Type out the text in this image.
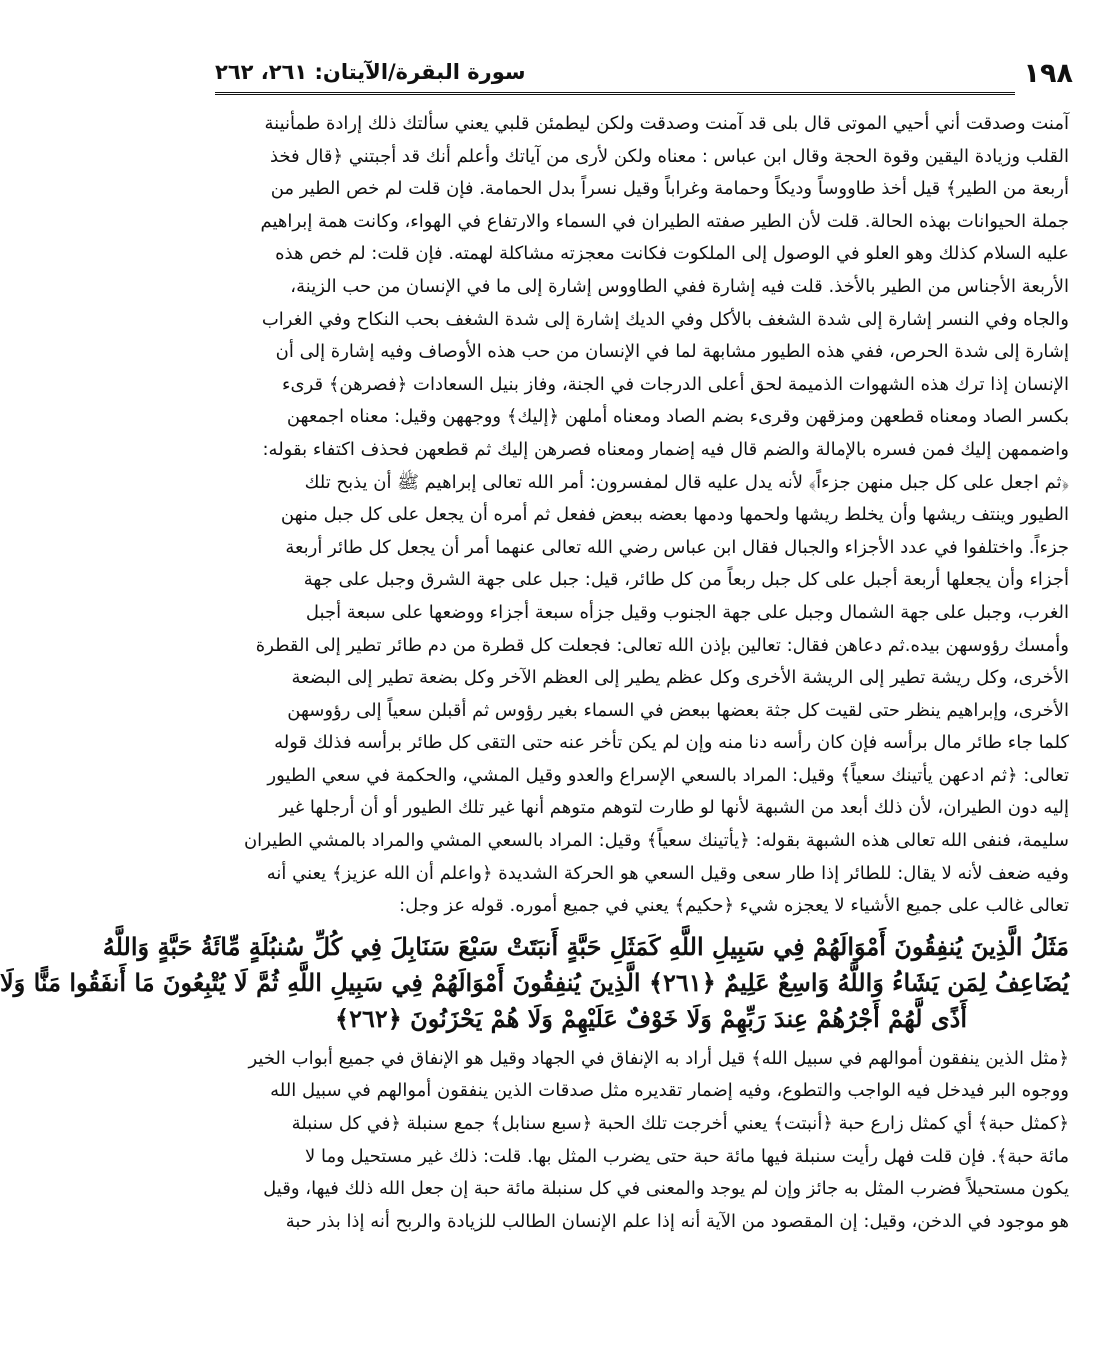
سورة البقرة/الآيتان: ٢٦١، ٢٦٢	١٩٨
آمنت وصدقت أني أحيي الموتى قال بلى قد آمنت وصدقت ولكن ليطمئن قلبي يعني سألتك ذلك إرادة طمأنينة
القلب وزيادة اليقين وقوة الحجة وقال ابن عباس : معناه ولكن لأرى من آياتك وأعلم أنك قد أجبتني ﴿قال فخذ
أربعة من الطير﴾ قيل أخذ طاووساً وديكاً وحمامة وغراباً وقيل نسراً بدل الحمامة. فإن قلت لم خص الطير من
جملة الحيوانات بهذه الحالة. قلت لأن الطير صفته الطيران في السماء والارتفاع في الهواء، وكانت همة إبراهيم
عليه السلام كذلك وهو العلو في الوصول إلى الملكوت فكانت معجزته مشاكلة لهمته. فإن قلت: لم خص هذه
الأربعة الأجناس من الطير بالأخذ. قلت فيه إشارة ففي الطاووس إشارة إلى ما في الإنسان من حب الزينة،
والجاه وفي النسر إشارة إلى شدة الشغف بالأكل وفي الديك إشارة إلى شدة الشغف بحب النكاح وفي الغراب
إشارة إلى شدة الحرص، ففي هذه الطيور مشابهة لما في الإنسان من حب هذه الأوصاف وفيه إشارة إلى أن
الإنسان إذا ترك هذه الشهوات الذميمة لحق أعلى الدرجات في الجنة، وفاز بنيل السعادات ﴿فصرهن﴾ قرىء
بكسر الصاد ومعناه قطعهن ومزقهن وقرىء بضم الصاد ومعناه أملهن ﴿إليك﴾ ووجههن وقيل: معناه اجمعهن
واضممهن إليك فمن فسره بالإمالة والضم قال فيه إضمار ومعناه فصرهن إليك ثم قطعهن فحذف اكتفاء بقوله:
﴿ثم اجعل على كل جبل منهن جزءاً﴾ لأنه يدل عليه قال لمفسرون: أمر الله تعالى إبراهيم ﷺ أن يذبح تلك
الطيور وينتف ريشها وأن يخلط ريشها ولحمها ودمها بعضه ببعض ففعل ثم أمره أن يجعل على كل جبل منهن
جزءاً. واختلفوا في عدد الأجزاء والجبال فقال ابن عباس رضي الله تعالى عنهما أمر أن يجعل كل طائر أربعة
أجزاء وأن يجعلها أربعة أجبل على كل جبل ربعاً من كل طائر، قيل: جبل على جهة الشرق وجبل على جهة
الغرب، وجبل على جهة الشمال وجبل على جهة الجنوب وقيل جزأه سبعة أجزاء ووضعها على سبعة أجبل
وأمسك رؤوسهن بيده.ثم دعاهن فقال: تعالين بإذن الله تعالى: فجعلت كل قطرة من دم طائر تطير إلى القطرة
الأخرى، وكل ريشة تطير إلى الريشة الأخرى وكل عظم يطير إلى العظم الآخر وكل بضعة تطير إلى البضعة
الأخرى، وإبراهيم ينظر حتى لقيت كل جثة بعضها ببعض في السماء بغير رؤوس ثم أقبلن سعياً إلى رؤوسهن
كلما جاء طائر مال برأسه فإن كان رأسه دنا منه وإن لم يكن تأخر عنه حتى التقى كل طائر برأسه فذلك قوله
تعالى: ﴿ثم ادعهن يأتينك سعياً﴾ وقيل: المراد بالسعي الإسراع والعدو وقيل المشي، والحكمة في سعي الطيور
إليه دون الطيران، لأن ذلك أبعد من الشبهة لأنها لو طارت لتوهم متوهم أنها غير تلك الطيور أو أن أرجلها غير
سليمة، فنفى الله تعالى هذه الشبهة بقوله: ﴿يأتينك سعياً﴾ وقيل: المراد بالسعي المشي والمراد بالمشي الطيران
وفيه ضعف لأنه لا يقال: للطائر إذا طار سعى وقيل السعي هو الحركة الشديدة ﴿واعلم أن الله عزيز﴾ يعني أنه
تعالى غالب على جميع الأشياء لا يعجزه شيء ﴿حكيم﴾ يعني في جميع أموره. قوله عز وجل:
مَثَلُ الَّذِينَ يُنفِقُونَ أَمْوَالَهُمْ فِي سَبِيلِ اللَّهِ كَمَثَلِ حَبَّةٍ أَنبَتَتْ سَبْعَ سَنَابِلَ فِي كُلِّ سُنبُلَةٍ مِّائَةُ حَبَّةٍ وَاللَّهُ
يُضَاعِفُ لِمَن يَشَاءُ وَاللَّهُ وَاسِعٌ عَلِيمٌ ﴿٢٦١﴾ الَّذِينَ يُنفِقُونَ أَمْوَالَهُمْ فِي سَبِيلِ اللَّهِ ثُمَّ لَا يُتْبِعُونَ مَا أَنفَقُوا مَنًّا وَلَا
أَذًى لَّهُمْ أَجْرُهُمْ عِندَ رَبِّهِمْ وَلَا خَوْفٌ عَلَيْهِمْ وَلَا هُمْ يَحْزَنُونَ ﴿٢٦٢﴾
﴿مثل الذين ينفقون أموالهم في سبيل الله﴾ قيل أراد به الإنفاق في الجهاد وقيل هو الإنفاق في جميع أبواب الخير
ووجوه البر فيدخل فيه الواجب والتطوع، وفيه إضمار تقديره مثل صدقات الذين ينفقون أموالهم في سبيل الله
﴿كمثل حبة﴾ أي كمثل زارع حبة ﴿أنبتت﴾ يعني أخرجت تلك الحبة ﴿سبع سنابل﴾ جمع سنبلة ﴿في كل سنبلة
مائة حبة﴾. فإن قلت فهل رأيت سنبلة فيها مائة حبة حتى يضرب المثل بها. قلت: ذلك غير مستحيل وما لا
يكون مستحيلاً فضرب المثل به جائز وإن لم يوجد والمعنى في كل سنبلة مائة حبة إن جعل الله ذلك فيها، وقيل
هو موجود في الدخن، وقيل: إن المقصود من الآية أنه إذا علم الإنسان الطالب للزيادة والربح أنه إذا بذر حبة
